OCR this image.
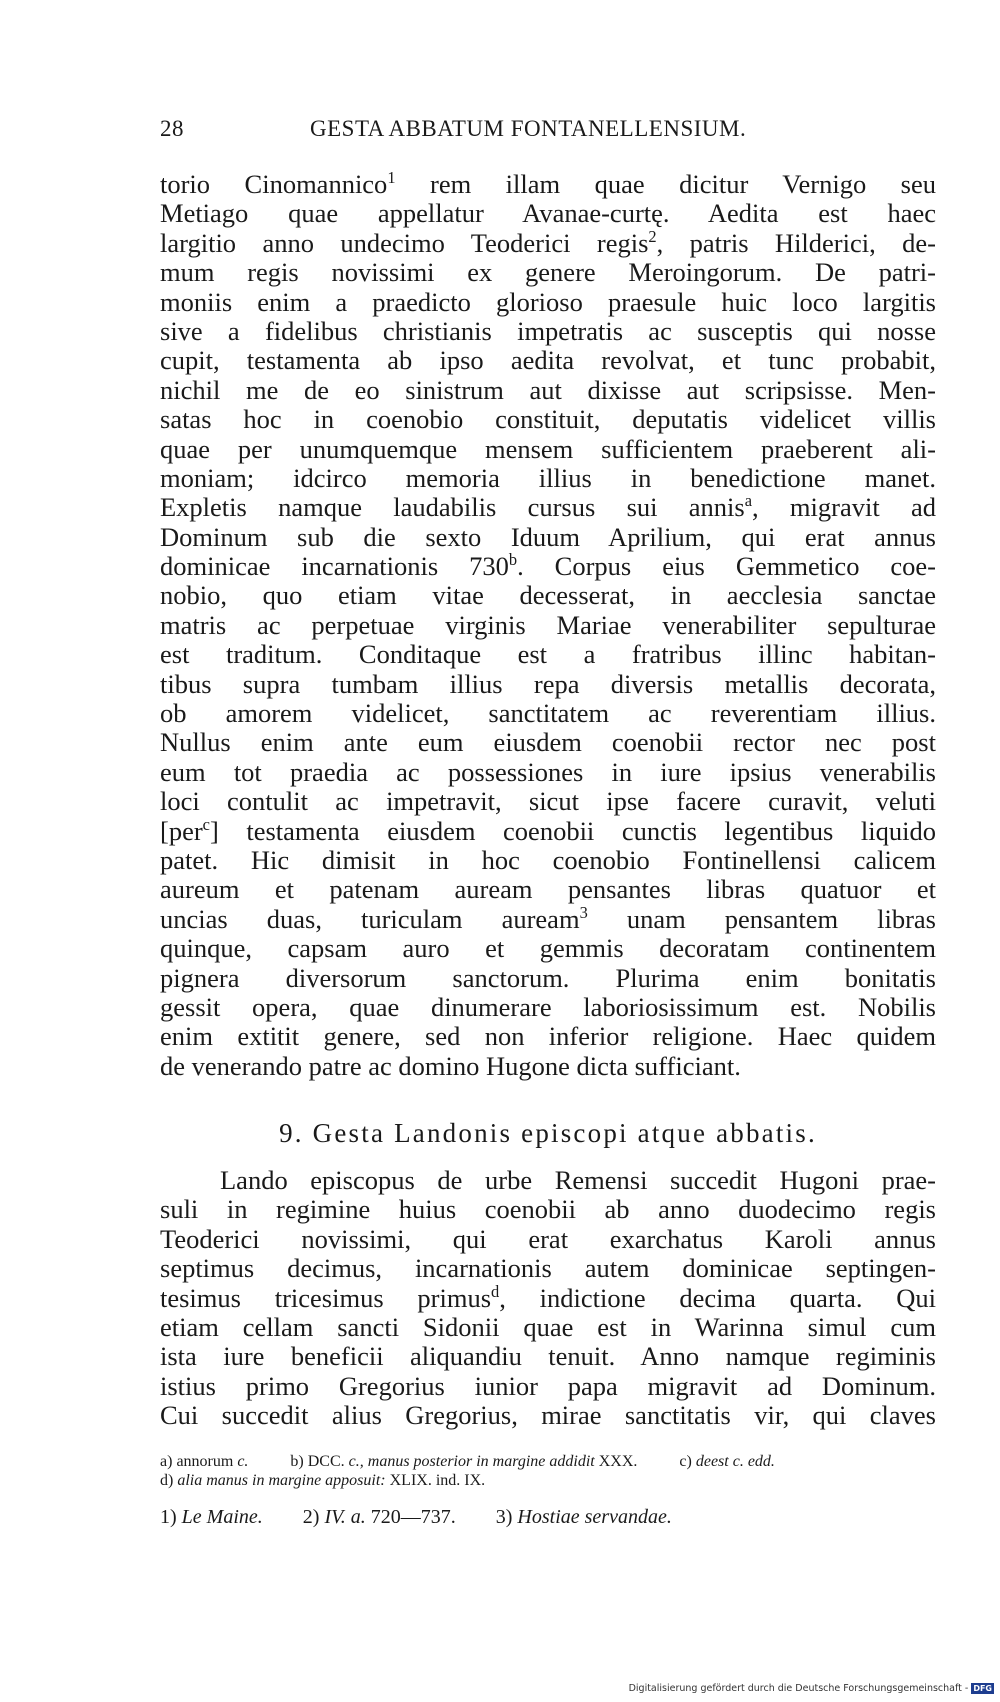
28	GESTA ABBATUM FONTANELLENSIUM.
torio Cinomannico$^1$ rem illam quae dicitur Vernigo seu
Metiago quae appellatur Avanae-curtę. Aedita est haec
largitio anno undecimo Teoderici regis$^2$, patris Hilderici, de-
mum regis novissimi ex genere Meroingorum. De patri-
moniis enim a praedicto glorioso praesule huic loco largitis
sive a fidelibus christianis impetratis ac susceptis qui nosse
cupit, testamenta ab ipso aedita revolvat, et tunc probabit,
nichil me de eo sinistrum aut dixisse aut scripsisse. Men-
satas hoc in coenobio constituit, deputatis videlicet villis
quae per unumquemque mensem sufficientem praeberent ali-
moniam; idcirco memoria illius in benedictione manet.
Expletis namque laudabilis cursus sui annis$^a$, migravit ad
Dominum sub die sexto Iduum Aprilium, qui erat annus
dominicae incarnationis 730$^b$. Corpus eius Gemmetico coe-
nobio, quo etiam vitae decesserat, in aecclesia sanctae
matris ac perpetuae virginis Mariae venerabiliter sepulturae
est traditum. Conditaque est a fratribus illinc habitan-
tibus supra tumbam illius repa diversis metallis decorata,
ob amorem videlicet, sanctitatem ac reverentiam illius.
Nullus enim ante eum eiusdem coenobii rector nec post
eum tot praedia ac possessiones in iure ipsius venerabilis
loci contulit ac impetravit, sicut ipse facere curavit, veluti
[per$^c$] testamenta eiusdem coenobii cunctis legentibus liquido
patet. Hic dimisit in hoc coenobio Fontinellensi calicem
aureum et patenam auream pensantes libras quatuor et
uncias duas, turiculam auream$^3$ unam pensantem libras
quinque, capsam auro et gemmis decoratam continentem
pignera diversorum sanctorum. Plurima enim bonitatis
gessit opera, quae dinumerare laboriosissimum est. Nobilis
enim extitit genere, sed non inferior religione. Haec quidem
de venerando patre ac domino Hugone dicta sufficiant.
9. Gesta Landonis episcopi atque abbatis.
Lando episcopus de urbe Remensi succedit Hugoni prae-
suli in regimine huius coenobii ab anno duodecimo regis
Teoderici novissimi, qui erat exarchatus Karoli annus
septimus decimus, incarnationis autem dominicae septingen-
tesimus tricesimus primus$^d$, indictione decima quarta. Qui
etiam cellam sancti Sidonii quae est in Warinna simul cum
ista iure beneficii aliquandiu tenuit. Anno namque regiminis
istius primo Gregorius iunior papa migravit ad Dominum.
Cui succedit alius Gregorius, mirae sanctitatis vir, qui claves
a) annorum c.	b) DCC. c., manus posterior in margine addidit XXX.	c) deest c. edd.
d) alia manus in margine apposuit: XLIX. ind. IX.
1) Le Maine. 2) IV. a. 720—737. 3) Hostiae servandae.
Digitalisierung gefördert durch die Deutsche Forschungsgemeinschaft - DFG
